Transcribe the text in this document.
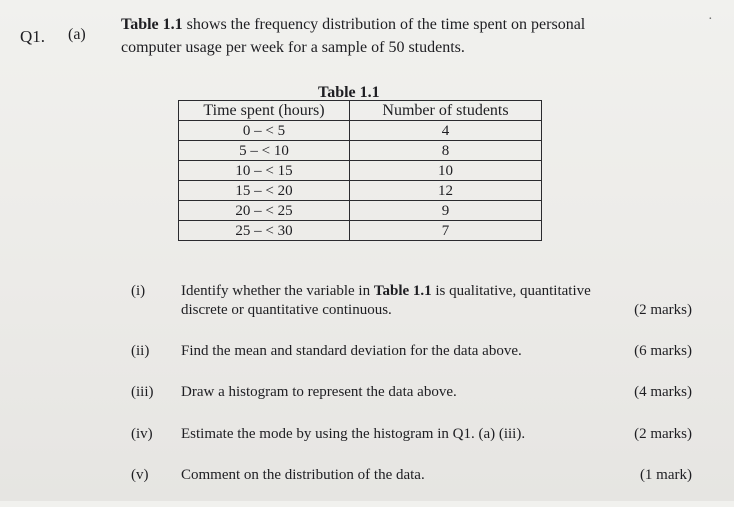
Q1. (a)
·
Table 1.1 shows the frequency distribution of the time spent on personal
computer usage per week for a sample of 50 students.
Table 1.1
Time spent (hours)	Number of students
0 – < 5	4
5 – < 10	8
10 – < 15	10
15 – < 20	12
20 – < 25	9
25 – < 30	7
(i) Identify whether the variable in Table 1.1 is qualitative, quantitative
discrete or quantitative continuous.	(2 marks)
(ii) Find the mean and standard deviation for the data above.	(6 marks)
(iii) Draw a histogram to represent the data above.	(4 marks)
(iv) Estimate the mode by using the histogram in Q1. (a) (iii).	(2 marks)
(v) Comment on the distribution of the data.	(1 mark)
